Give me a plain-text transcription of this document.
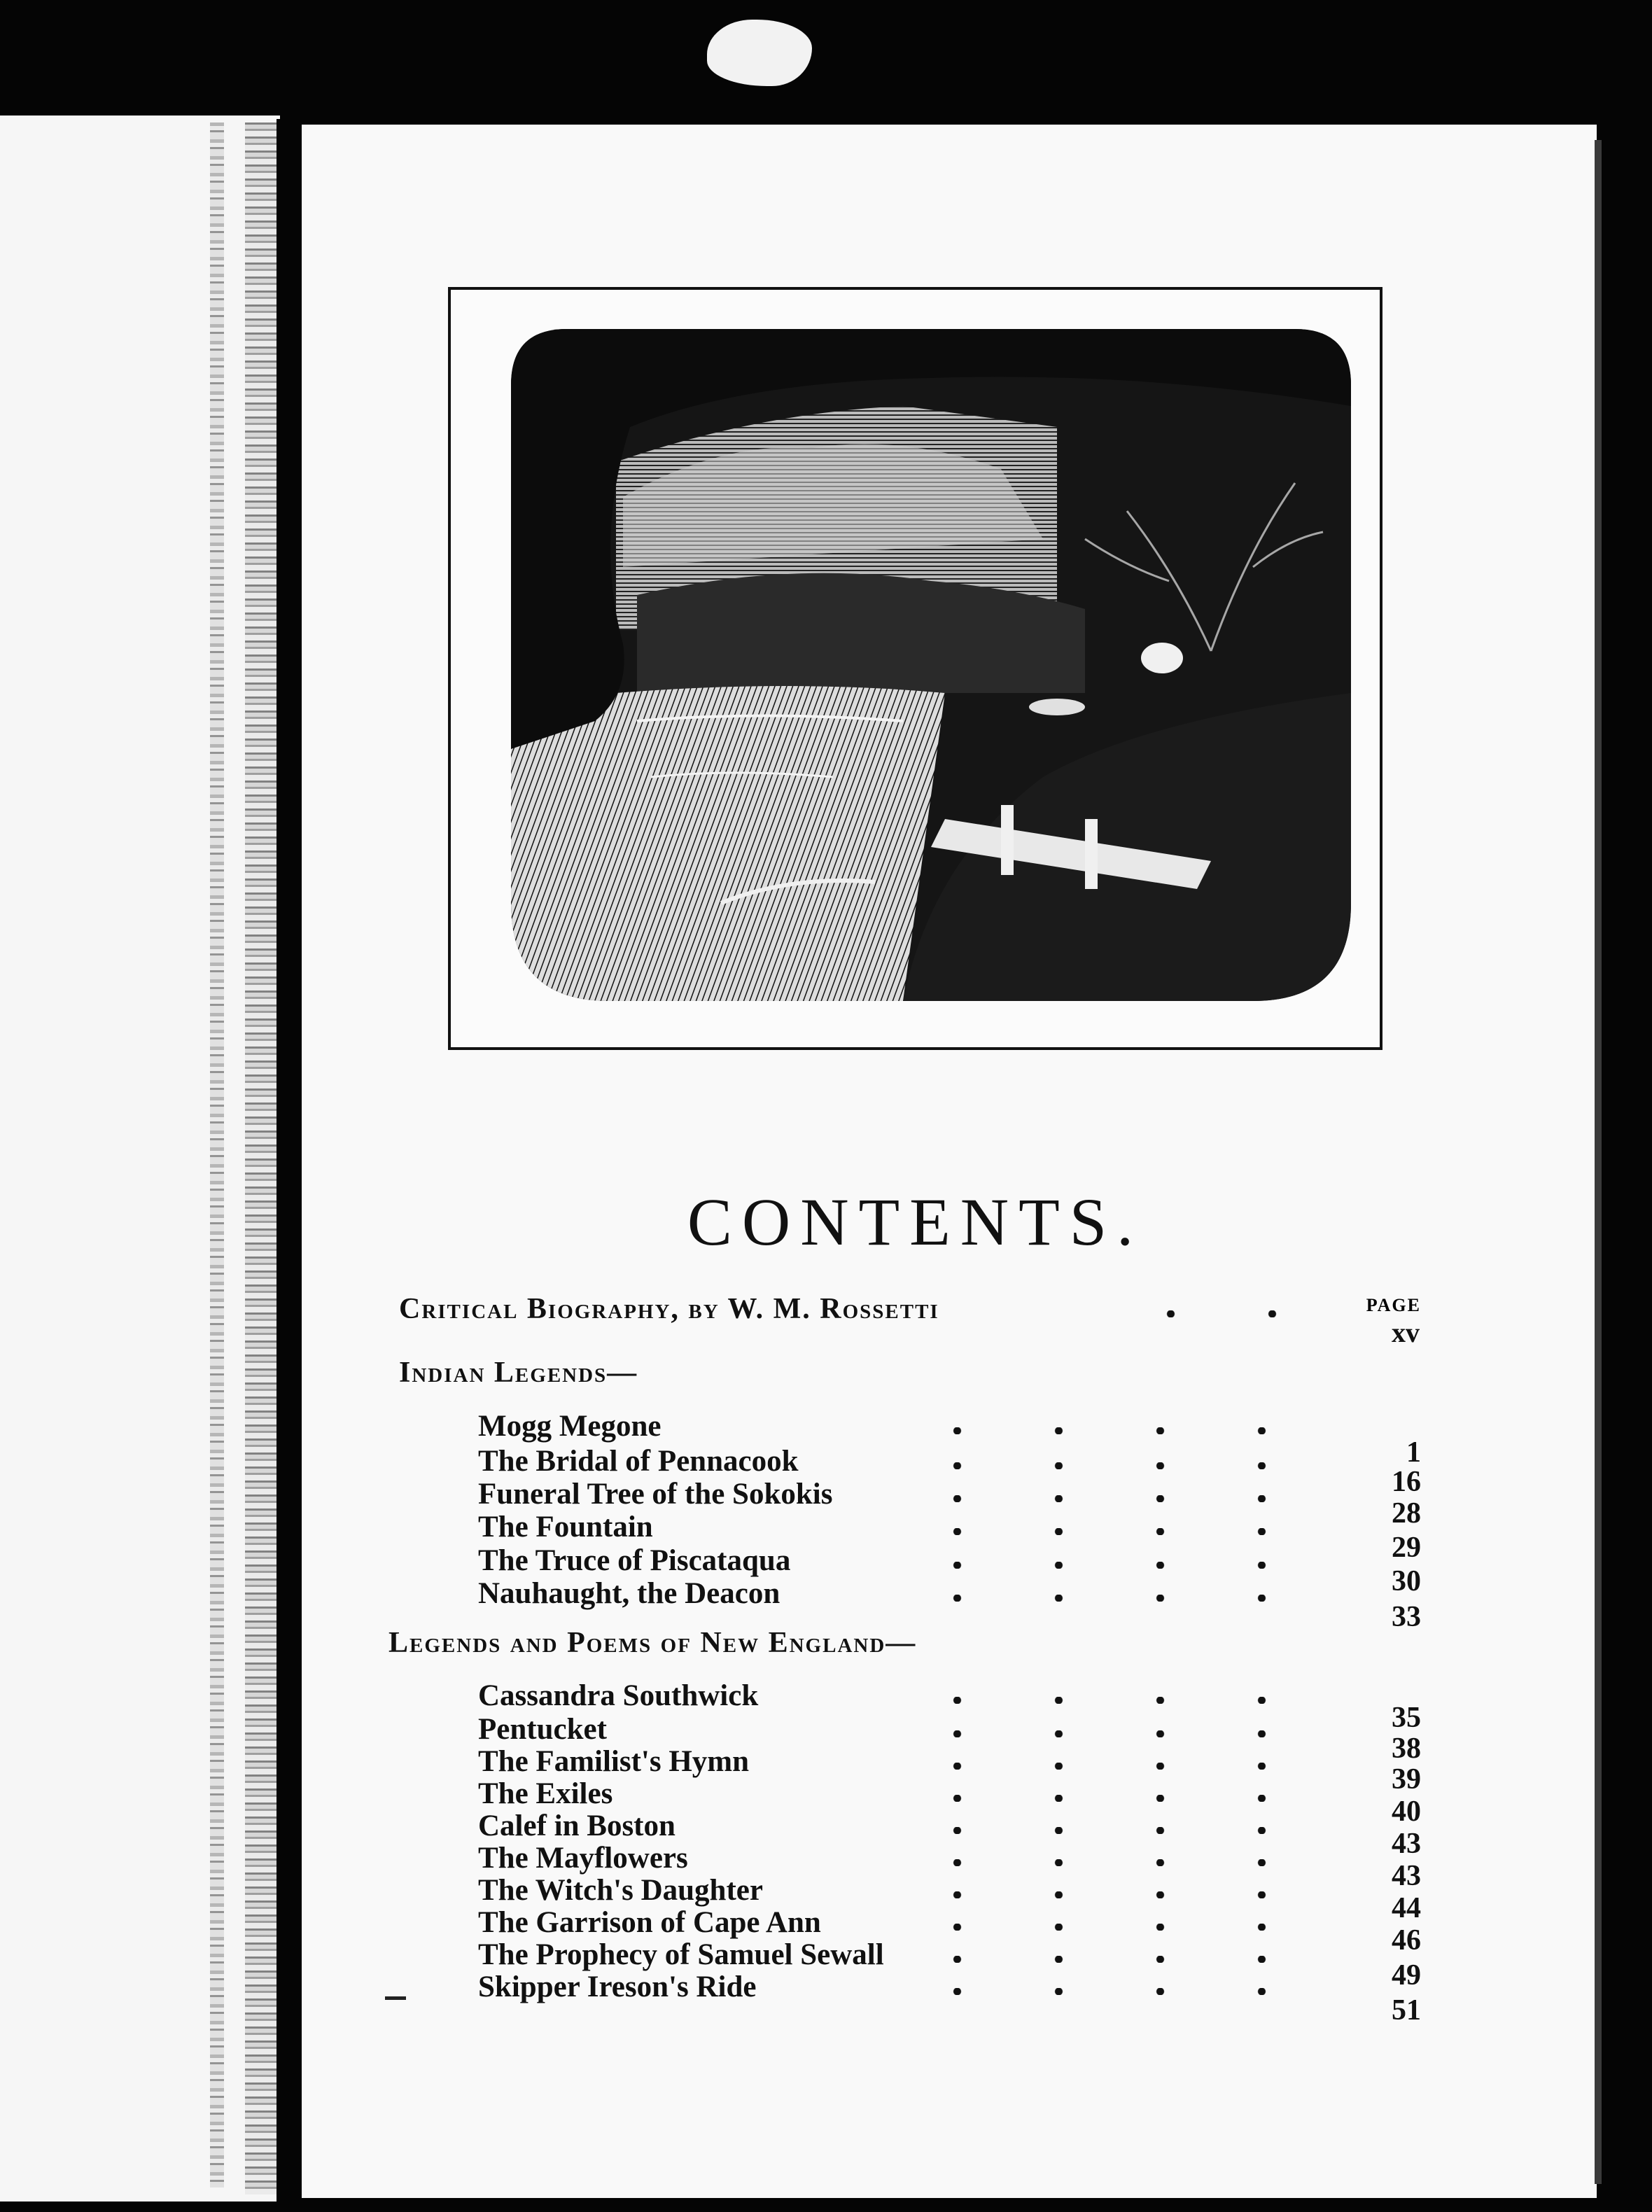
CONTENTS.
PAGE
Critical Biography, by W. M. Rossetti
xv
Indian Legends—
Mogg Megone
1
The Bridal of Pennacook
16
Funeral Tree of the Sokokis
28
The Fountain
29
The Truce of Piscataqua
30
Nauhaught, the Deacon
33
Legends and Poems of New England—
Cassandra Southwick
35
Pentucket
38
The Familist's Hymn
39
The Exiles
40
Calef in Boston
43
The Mayflowers
43
The Witch's Daughter
44
The Garrison of Cape Ann
46
The Prophecy of Samuel Sewall
49
Skipper Ireson's Ride
51
